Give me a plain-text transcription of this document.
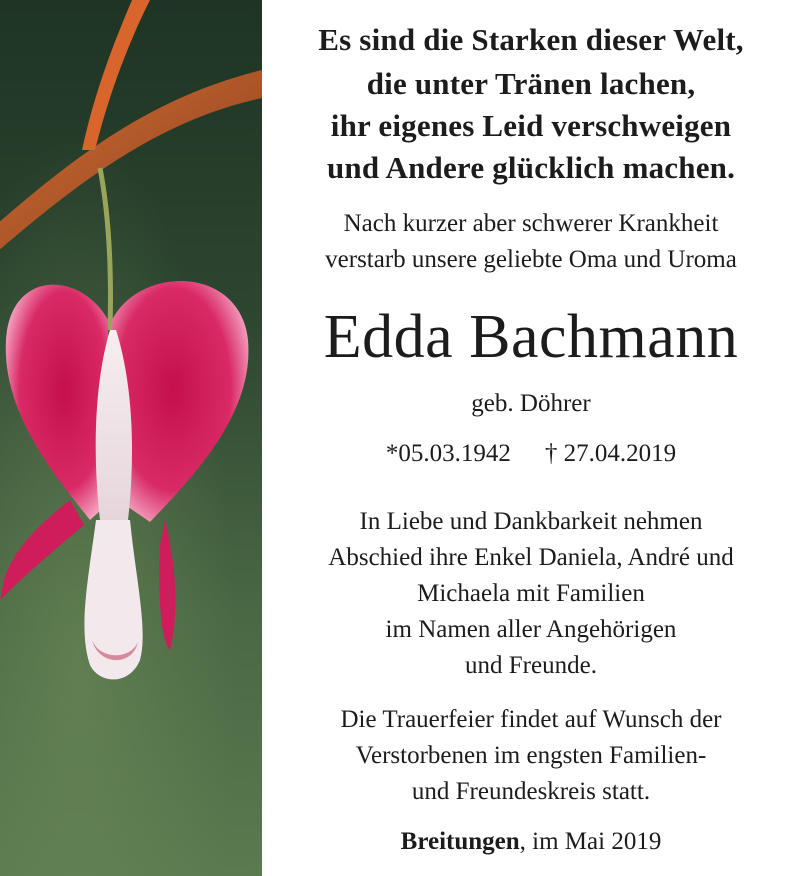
Es sind die Starken dieser Welt,
die unter Tränen lachen,
ihr eigenes Leid verschweigen
und Andere glücklich machen.
Nach kurzer aber schwerer Krankheit
verstarb unsere geliebte Oma und Uroma
Edda Bachmann
geb. Döhrer
*05.03.1942 † 27.04.2019
In Liebe und Dankbarkeit nehmen
Abschied ihre Enkel Daniela, André und
Michaela mit Familien
im Namen aller Angehörigen
und Freunde.
Die Trauerfeier findet auf Wunsch der
Verstorbenen im engsten Familien-
und Freundeskreis statt.
Breitungen, im Mai 2019
